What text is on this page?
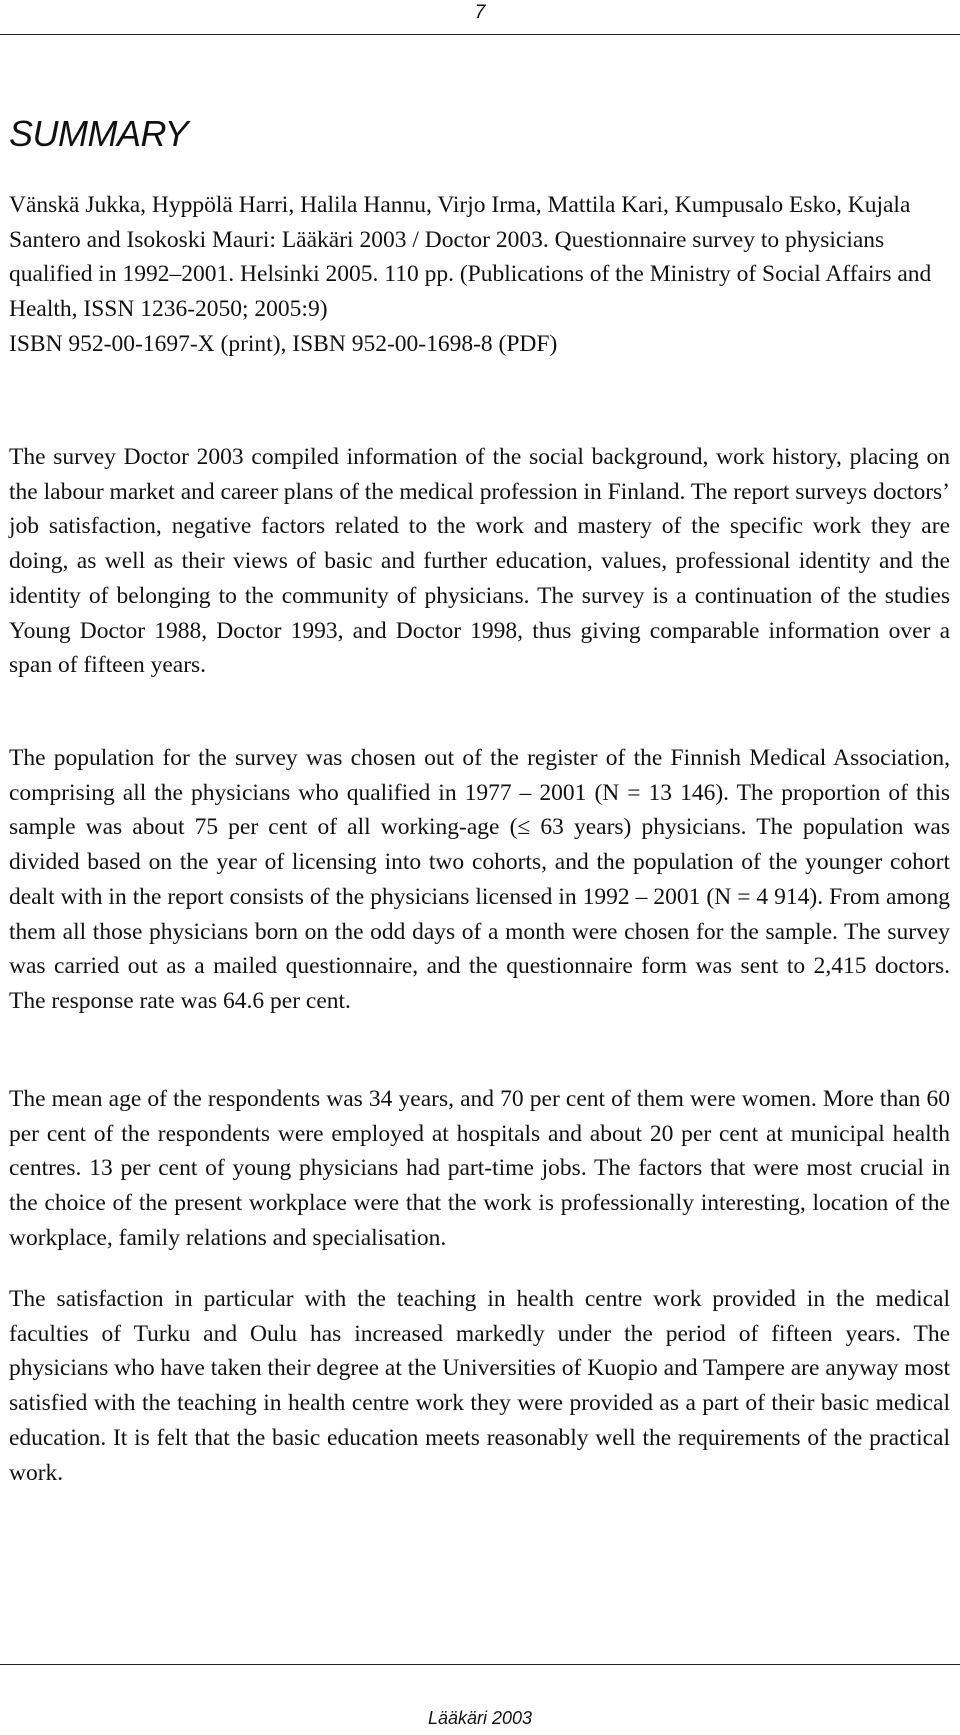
7
SUMMARY
Vänskä Jukka, Hyppölä Harri, Halila Hannu, Virjo Irma, Mattila Kari, Kumpusalo Esko, Kujala Santero and Isokoski Mauri: Lääkäri 2003 / Doctor 2003. Questionnaire survey to physicians qualified in 1992–2001. Helsinki 2005. 110 pp. (Publications of the Ministry of Social Affairs and Health, ISSN 1236-2050; 2005:9)
ISBN 952-00-1697-X (print), ISBN 952-00-1698-8 (PDF)

The survey Doctor 2003 compiled information of the social background, work history, placing on the labour market and career plans of the medical profession in Finland. The report surveys doctors’ job satisfaction, negative factors related to the work and mastery of the specific work they are doing, as well as their views of basic and further education, values, professional identity and the identity of belonging to the community of physicians. The survey is a continuation of the studies Young Doctor 1988, Doctor 1993, and Doctor 1998, thus giving comparable information over a span of fifteen years.

The population for the survey was chosen out of the register of the Finnish Medical Association, comprising all the physicians who qualified in 1977 – 2001 (N = 13 146). The proportion of this sample was about 75 per cent of all working-age (≤ 63 years) physicians. The population was divided based on the year of licensing into two cohorts, and the population of the younger cohort dealt with in the report consists of the physicians licensed in 1992 – 2001 (N = 4 914). From among them all those physicians born on the odd days of a month were chosen for the sample. The survey was carried out as a mailed questionnaire, and the questionnaire form was sent to 2,415 doctors. The response rate was 64.6 per cent.

The mean age of the respondents was 34 years, and 70 per cent of them were women. More than 60 per cent of the respondents were employed at hospitals and about 20 per cent at municipal health centres. 13 per cent of young physicians had part-time jobs. The factors that were most crucial in the choice of the present workplace were that the work is professionally interesting, location of the workplace, family relations and specialisation.

The satisfaction in particular with the teaching in health centre work provided in the medical faculties of Turku and Oulu has increased markedly under the period of fifteen years. The physicians who have taken their degree at the Universities of Kuopio and Tampere are anyway most satisfied with the teaching in health centre work they were provided as a part of their basic medical education. It is felt that the basic education meets reasonably well the requirements of the practical work.

Lääkäri 2003
